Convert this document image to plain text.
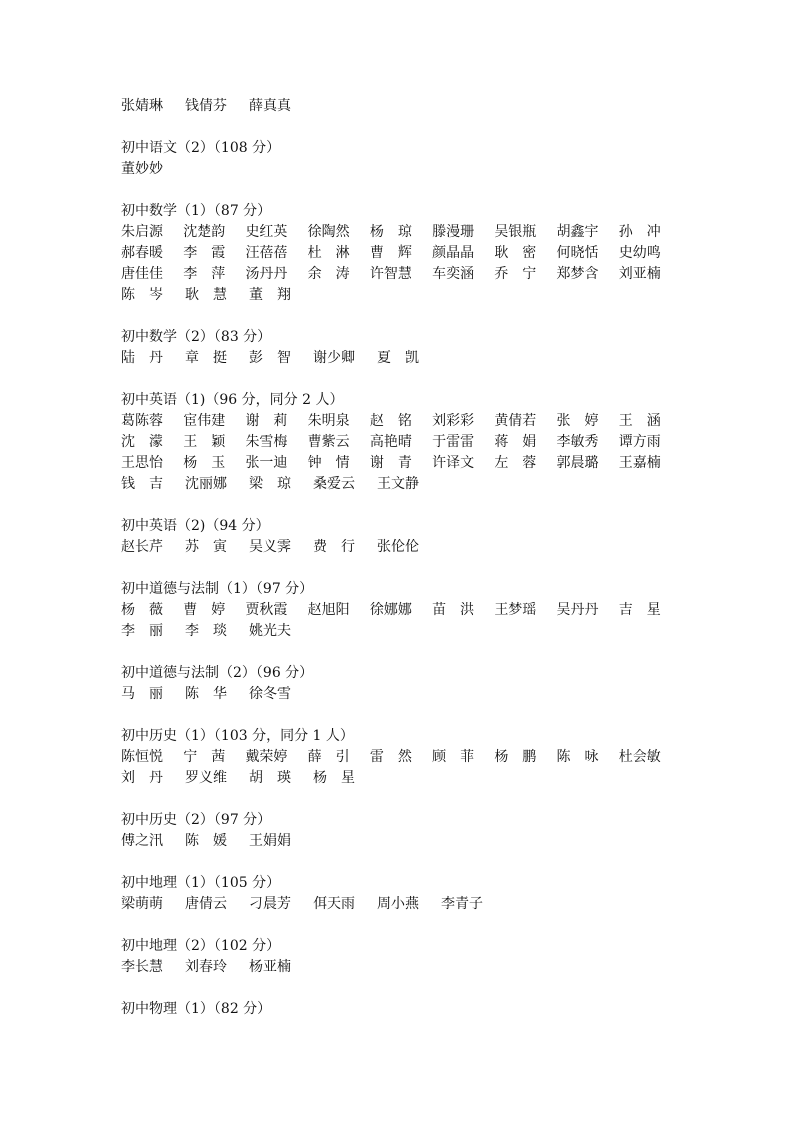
张婧琳	钱倩芬	薛真真
初中语文（2）（108 分）
董妙妙
初中数学（1）（87 分）
朱启源	沈楚韵	史红英	徐陶然	杨　琼	滕漫珊	吴银瓶	胡鑫宇	孙　冲
郝春暖	李　霞	汪蓓蓓	杜　淋	曹　辉	颜晶晶	耿　密	何晓恬	史幼鸣
唐佳佳	李　萍	汤丹丹	余　涛	许智慧	车奕涵	乔　宁	郑梦含	刘亚楠
陈　岑	耿　慧	董　翔
初中数学（2）（83 分）
陆　丹	章　挺	彭　智	谢少卿	夏　凯
初中英语（1)（96 分，同分 2 人）
葛陈蓉	宦伟建	谢　莉	朱明泉	赵　铭	刘彩彩	黄倩若	张　婷	王　涵
沈　濛	王　颖	朱雪梅	曹紫云	高艳晴	于雷雷	蒋　娟	李敏秀	谭方雨
王思怡	杨　玉	张一迪	钟　情	谢　青	许译文	左　蓉	郭晨璐	王嘉楠
钱　吉	沈丽娜	梁　琼	桑爱云	王文静
初中英语（2)（94 分）
赵长芹	苏　寅	吴义霁	费　行	张伦伦
初中道德与法制（1）（97 分）
杨　薇	曹　婷	贾秋霞	赵旭阳	徐娜娜	苗　洪	王梦瑶	吴丹丹	吉　星
李　丽	李　琰	姚光夫
初中道德与法制（2）（96 分）
马　丽	陈　华	徐冬雪
初中历史（1）（103 分，同分 1 人）
陈恒悦	宁　茜	戴荣婷	薛　引	雷　然	顾　菲	杨　鹏	陈　咏	杜会敏
刘　丹	罗义维	胡　瑛	杨　星
初中历史（2）（97 分）
傅之汛	陈　媛	王娟娟
初中地理（1）（105 分）
梁萌萌	唐倩云	刁晨芳	佴天雨	周小燕	李青子
初中地理（2）（102 分）
李长慧	刘春玲	杨亚楠
初中物理（1）（82 分）
